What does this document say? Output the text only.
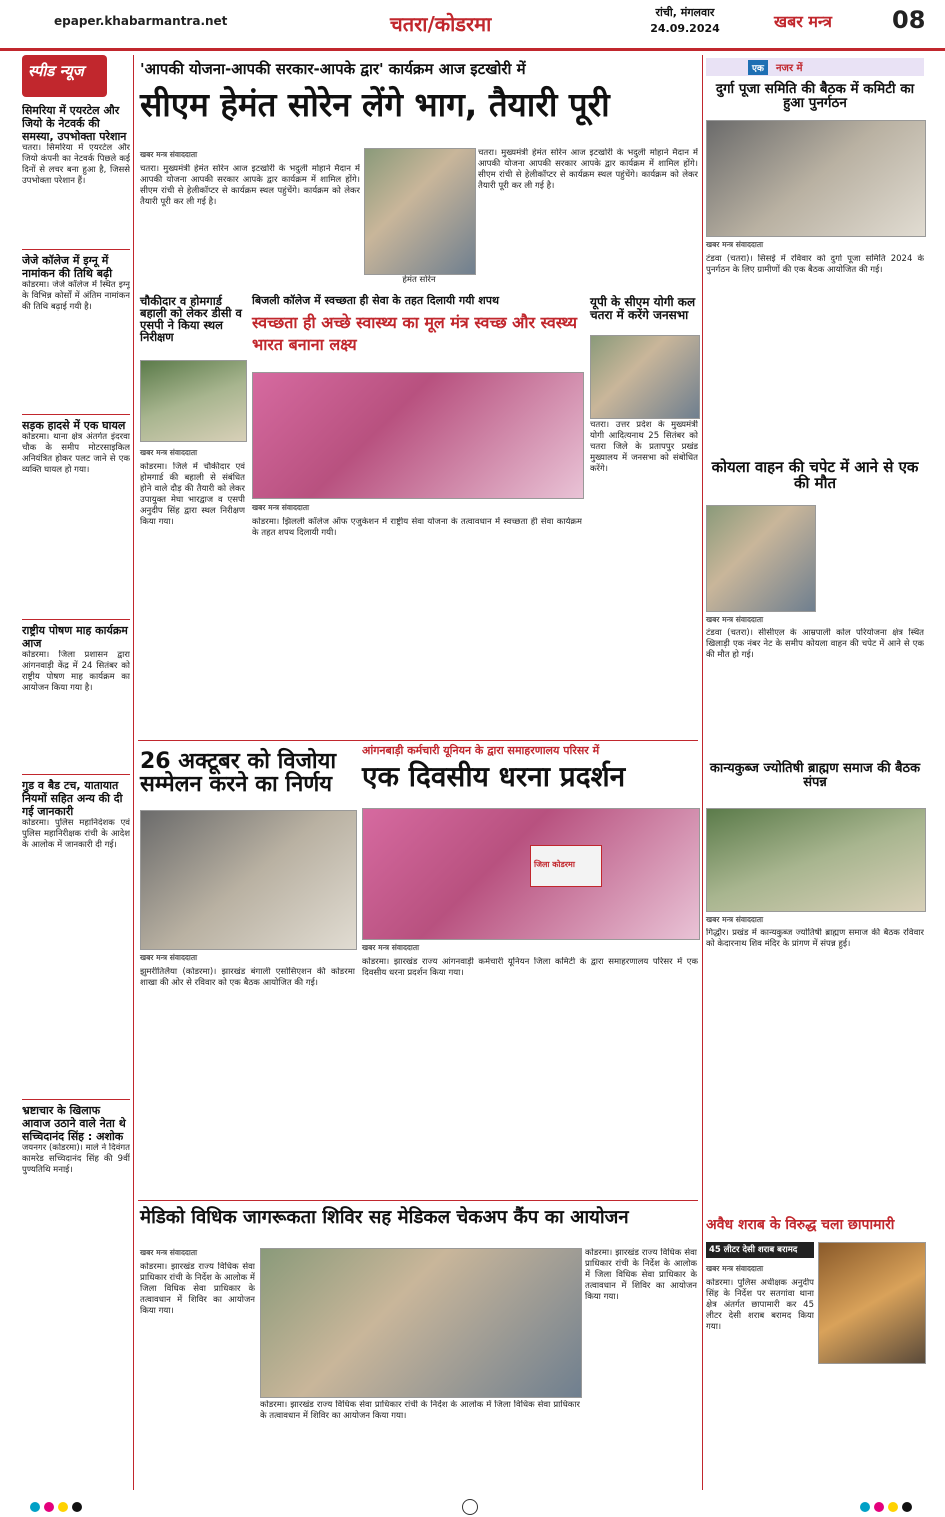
epaper.khabarmantra.net	चतरा/कोडरमा	रांची, मंगलवार
24.09.2024	खबर मन्त्र	08
स्पीड न्यूज
सिमरिया में एयरटेल और जियो के नेटवर्क की समस्या, उपभोक्ता परेशान
चतरा। सिमरिया में एयरटेल और जियो कंपनी का नेटवर्क पिछले कई दिनों से लचर बना हुआ है, जिससे उपभोक्ता परेशान हैं।
जेजे कॉलेज में इग्नू में नामांकन की तिथि बढ़ी
कोडरमा। जेजे कॉलेज में स्थित इग्नू के विभिन्न कोर्सों में अंतिम नामांकन की तिथि बढ़ाई गयी है।
सड़क हादसे में एक घायल
कोडरमा। थाना क्षेत्र अंतर्गत इंदरवा चौक के समीप मोटरसाइकिल अनियंत्रित होकर पलट जाने से एक व्यक्ति घायल हो गया।
राष्ट्रीय पोषण माह कार्यक्रम आज
कोडरमा। जिला प्रशासन द्वारा आंगनवाड़ी केंद्र में 24 सितंबर को राष्ट्रीय पोषण माह कार्यक्रम का आयोजन किया गया है।
गुड व बैड टच, यातायात नियमों सहित अन्य की दी गई जानकारी
कोडरमा। पुलिस महानिदेशक एवं पुलिस महानिरीक्षक रांची के आदेश के आलोक में जानकारी दी गई।
भ्रष्टाचार के खिलाफ आवाज उठाने वाले नेता थे सच्चिदानंद सिंह : अशोक
जयनगर (कोडरमा)। माले ने दिवंगत कामरेड सच्चिदानंद सिंह की 9वीं पुण्यतिथि मनाई।
'आपकी योजना-आपकी सरकार-आपके द्वार' कार्यक्रम आज इटखोरी में
सीएम हेमंत सोरेन लेंगे भाग, तैयारी पूरी
खबर मन्त्र संवाददाता
चतरा। मुख्यमंत्री हेमंत सोरेन आज इटखोरी के भदुली मोहाने मैदान में आपकी योजना आपकी सरकार आपके द्वार कार्यक्रम में शामिल होंगे। सीएम रांची से हेलीकॉप्टर से कार्यक्रम स्थल पहुंचेंगे। कार्यक्रम को लेकर तैयारी पूरी कर ली गई है।
हेमंत सोरेन
चतरा। मुख्यमंत्री हेमंत सोरेन आज इटखोरी के भदुली मोहाने मैदान में आपकी योजना आपकी सरकार आपके द्वार कार्यक्रम में शामिल होंगे। सीएम रांची से हेलीकॉप्टर से कार्यक्रम स्थल पहुंचेंगे। कार्यक्रम को लेकर तैयारी पूरी कर ली गई है।
चौकीदार व होमगार्ड बहाली को लेकर डीसी व एसपी ने किया स्थल निरीक्षण
खबर मन्त्र संवाददाता
कोडरमा। जिले में चौकीदार एवं होमगार्ड की बहाली से संबंधित होने वाले दौड़ की तैयारी को लेकर उपायुक्त मेघा भारद्वाज व एसपी अनुदीप सिंह द्वारा स्थल निरीक्षण किया गया।
बिजली कॉलेज में स्वच्छता ही सेवा के तहत दिलायी गयी शपथ
स्वच्छता ही अच्छे स्वास्थ्य का मूल मंत्र स्वच्छ और स्वस्थ्य भारत बनाना लक्ष्य
खबर मन्त्र संवाददाता
कोडरमा। झिलली कॉलेज ऑफ एजुकेशन में राष्ट्रीय सेवा योजना के तत्वावधान में स्वच्छता ही सेवा कार्यक्रम के तहत शपथ दिलायी गयी।
यूपी के सीएम योगी कल चतरा में करेंगे जनसभा
चतरा। उत्तर प्रदेश के मुख्यमंत्री योगी आदित्यनाथ 25 सितंबर को चतरा जिले के प्रतापपुर प्रखंड मुख्यालय में जनसभा को संबोधित करेंगे।
एक	नजर में
दुर्गा पूजा समिति की बैठक में कमिटी का हुआ पुनर्गठन
खबर मन्त्र संवाददाता
टंडवा (चतरा)। सिसई में रविवार को दुर्गा पूजा समिति 2024 के पुनर्गठन के लिए ग्रामीणों की एक बैठक आयोजित की गई।
कोयला वाहन की चपेट में आने से एक की मौत
खबर मन्त्र संवाददाता
टंडवा (चतरा)। सीसीएल के आम्रपाली कोल परियोजना क्षेत्र स्थित खिलाड़ी एक नंबर नेट के समीप कोयला वाहन की चपेट में आने से एक की मौत हो गई।
कान्यकुब्ज ज्योतिषी ब्राह्मण समाज की बैठक संपन्न
खबर मन्त्र संवाददाता
गिद्धौर। प्रखंड में कान्यकुब्ज ज्योतिषी ब्राह्मण समाज की बैठक रविवार को केदारनाथ शिव मंदिर के प्रांगण में संपन्न हुई।
अवैध शराब के विरुद्ध चला छापामारी
45 लीटर देसी शराब बरामद
खबर मन्त्र संवाददाता
कोडरमा। पुलिस अधीक्षक अनुदीप सिंह के निर्देश पर सतगांवा थाना क्षेत्र अंतर्गत छापामारी कर 45 लीटर देसी शराब बरामद किया गया।
26 अक्टूबर को विजोया सम्मेलन करने का निर्णय
खबर मन्त्र संवाददाता
झुमरीतिलैया (कोडरमा)। झारखंड बंगाली एसोसिएशन की कोडरमा शाखा की ओर से रविवार को एक बैठक आयोजित की गई।
आंगनबाड़ी कर्मचारी यूनियन के द्वारा समाहरणालय परिसर में
एक दिवसीय धरना प्रदर्शन
जिला कोडरमा
खबर मन्त्र संवाददाता
कोडरमा। झारखंड राज्य आंगनवाड़ी कर्मचारी यूनियन जिला कमिटी के द्वारा समाहरणालय परिसर में एक दिवसीय धरना प्रदर्शन किया गया।
मेडिको विधिक जागरूकता शिविर सह मेडिकल चेकअप कैंप का आयोजन
खबर मन्त्र संवाददाता
कोडरमा। झारखंड राज्य विधिक सेवा प्राधिकार रांची के निर्देश के आलोक में जिला विधिक सेवा प्राधिकार के तत्वावधान में शिविर का आयोजन किया गया।
कोडरमा। झारखंड राज्य विधिक सेवा प्राधिकार रांची के निर्देश के आलोक में जिला विधिक सेवा प्राधिकार के तत्वावधान में शिविर का आयोजन किया गया।
कोडरमा। झारखंड राज्य विधिक सेवा प्राधिकार रांची के निर्देश के आलोक में जिला विधिक सेवा प्राधिकार के तत्वावधान में शिविर का आयोजन किया गया।
